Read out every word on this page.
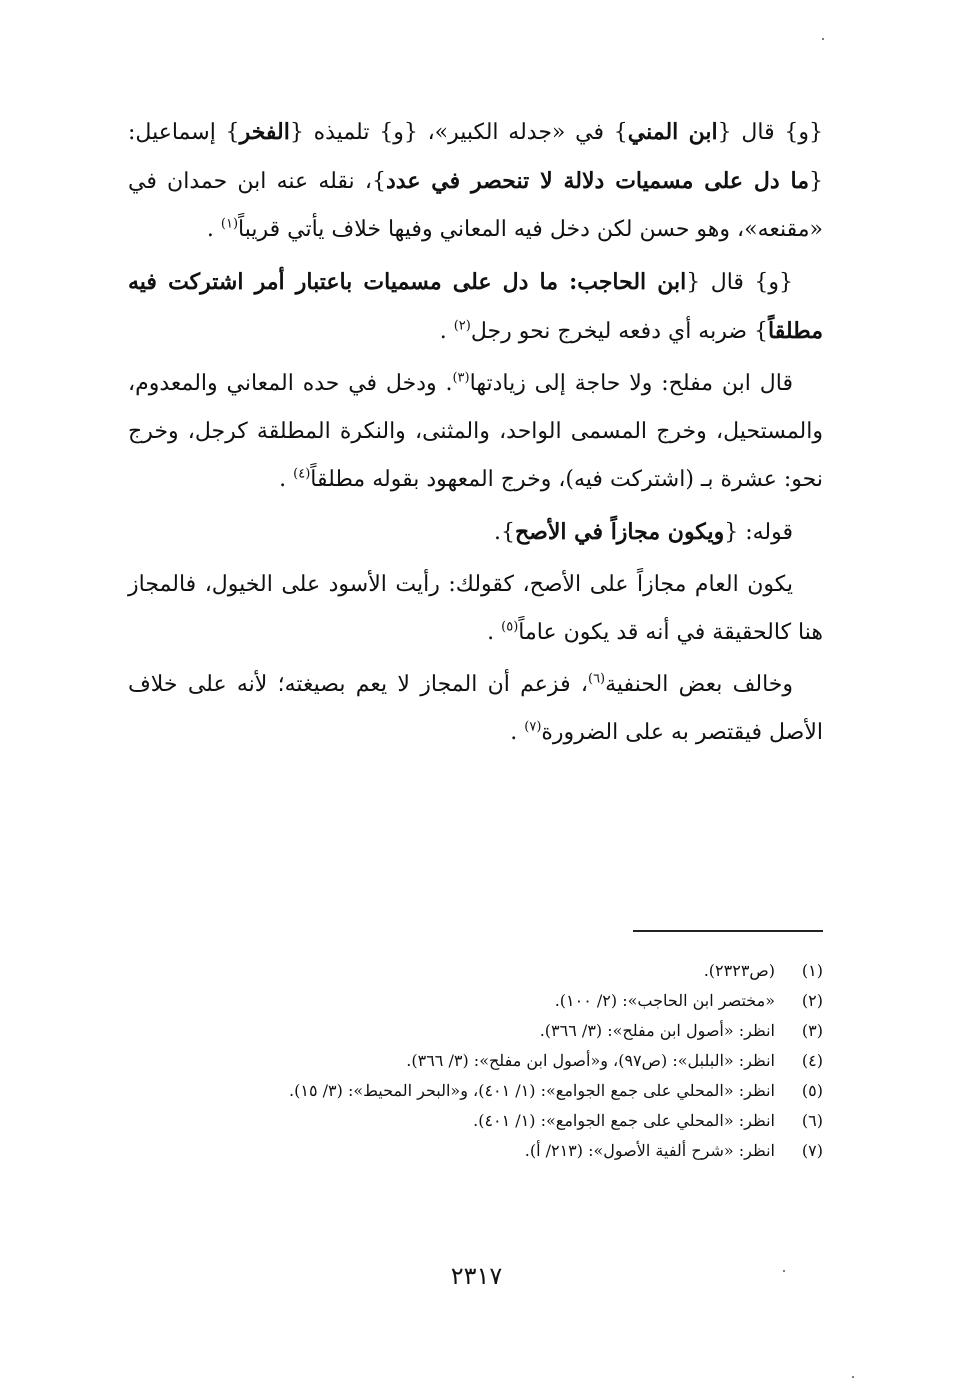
{و} قال {ابن المني} في «جدله الكبير»، {و} تلميذه {الفخر} إسماعيل: {ما دل على مسميات دلالة لا تنحصر في عدد}، نقله عنه ابن حمدان في «مقنعه»، وهو حسن لكن دخل فيه المعاني وفيها خلاف يأتي قريباً$^{(١)}$ .

{و} قال {ابن الحاجب: ما دل على مسميات باعتبار أمر اشتركت فيه مطلقاً} ضربه أي دفعه ليخرج نحو رجل$^{(٢)}$ .

قال ابن مفلح: ولا حاجة إلى زيادتها$^{(٣)}$. ودخل في حده المعاني والمعدوم، والمستحيل، وخرج المسمى الواحد، والمثنى، والنكرة المطلقة كرجل، وخرج نحو: عشرة بـ (اشتركت فيه)، وخرج المعهود بقوله مطلقاً$^{(٤)}$ .

قوله: {ويكون مجازاً في الأصح}.

يكون العام مجازاً على الأصح، كقولك: رأيت الأسود على الخيول، فالمجاز هنا كالحقيقة في أنه قد يكون عاماً$^{(٥)}$ .

وخالف بعض الحنفية$^{(٦)}$، فزعم أن المجاز لا يعم بصيغته؛ لأنه على خلاف الأصل فيقتصر به على الضرورة$^{(٧)}$ .

(١)(ص٢٣٢٣).
(٢)«مختصر ابن الحاجب»: (٢/ ١٠٠).
(٣)انظر: «أصول ابن مفلح»: (٣/ ٣٦٦).
(٤)انظر: «البلبل»: (ص٩٧)، و«أصول ابن مفلح»: (٣/ ٣٦٦).
(٥)انظر: «المحلي على جمع الجوامع»: (١/ ٤٠١)، و«البحر المحيط»: (٣/ ١٥).
(٦)انظر: «المحلي على جمع الجوامع»: (١/ ٤٠١).
(٧)انظر: «شرح ألفية الأصول»: (٢١٣/ أ).
٢٣١٧
